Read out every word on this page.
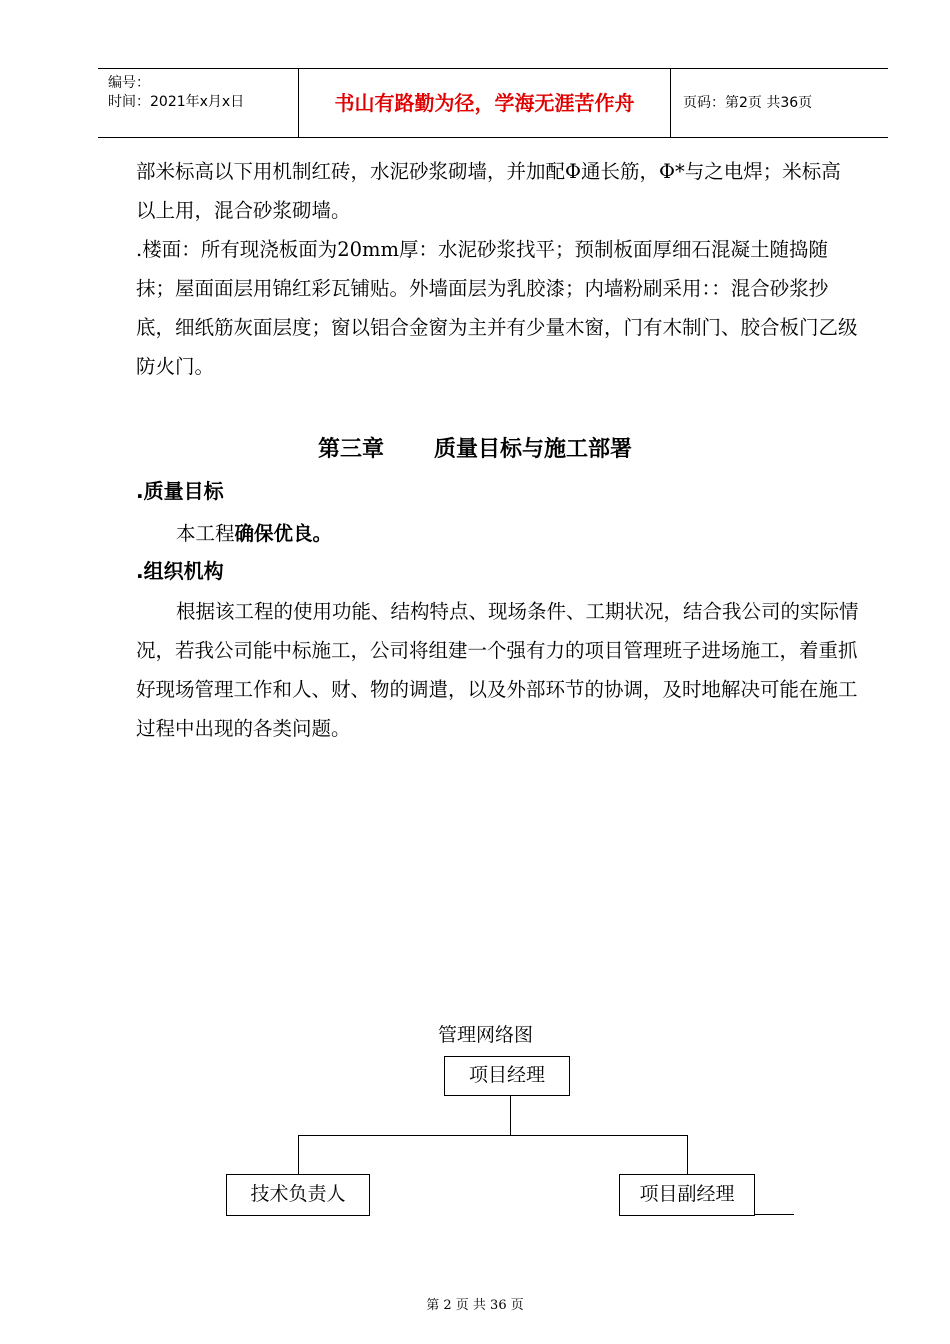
编号：
时间：2021年x月x日	书山有路勤为径，学海无涯苦作舟	页码：第2页 共36页

部米标高以下用机制红砖，水泥砂浆砌墙，并加配Φ通长筋，Φ*与之电焊；米标高以上用，混合砂浆砌墙。

.楼面：所有现浇板面为20mm厚：水泥砂浆找平；预制板面厚细石混凝土随捣随抹；屋面面层用锦红彩瓦铺贴。外墙面层为乳胶漆；内墙粉刷采用：：混合砂浆抄底，细纸筋灰面层度；窗以铝合金窗为主并有少量木窗，门有木制门、胶合板门乙级防火门。

第三章 质量目标与施工部署
.质量目标

本工程确保优良。

.组织机构

根据该工程的使用功能、结构特点、现场条件、工期状况，结合我公司的实际情况，若我公司能中标施工，公司将组建一个强有力的项目管理班子进场施工，着重抓好现场管理工作和人、财、物的调遣，以及外部环节的协调，及时地解决可能在施工过程中出现的各类问题。

管理网络图
项目经理
技术负责人	项目副经理
第 2 页 共 36 页
